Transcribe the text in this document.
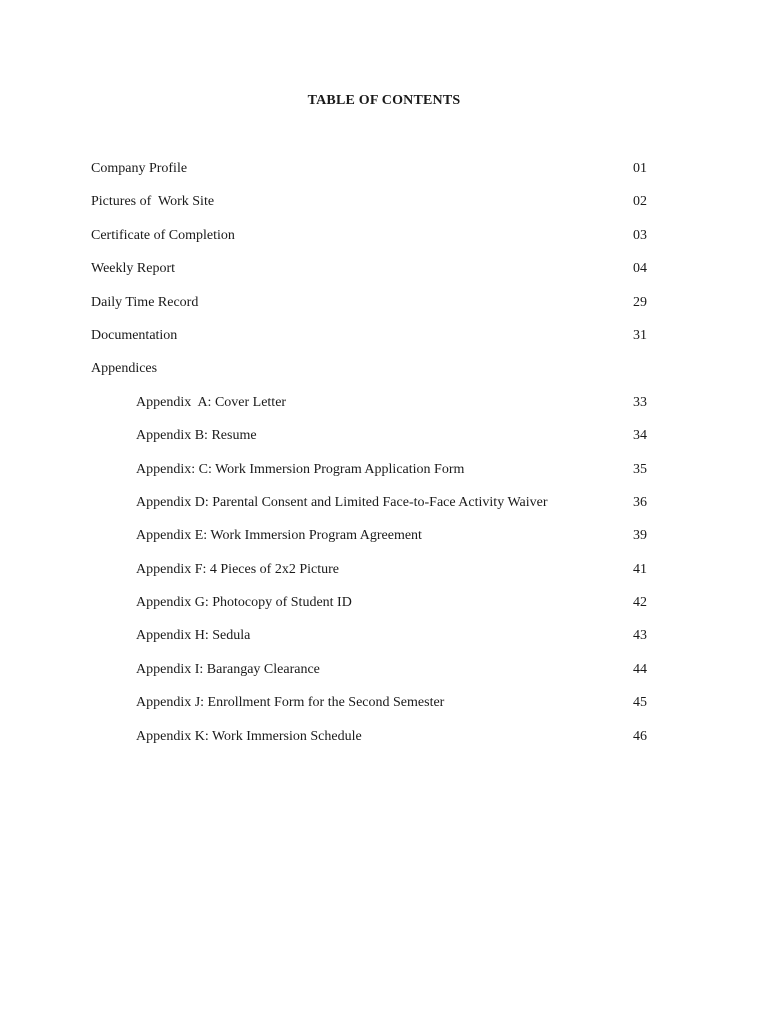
TABLE OF CONTENTS
Company Profile	01
Pictures of  Work Site	02
Certificate of Completion	03
Weekly Report	04
Daily Time Record	29
Documentation	31
Appendices
Appendix  A: Cover Letter	33
Appendix B: Resume	34
Appendix: C: Work Immersion Program Application Form	35
Appendix D: Parental Consent and Limited Face-to-Face Activity Waiver	36
Appendix E: Work Immersion Program Agreement	39
Appendix F: 4 Pieces of 2x2 Picture	41
Appendix G: Photocopy of Student ID	42
Appendix H: Sedula	43
Appendix I: Barangay Clearance	44
Appendix J: Enrollment Form for the Second Semester	45
Appendix K: Work Immersion Schedule	46
